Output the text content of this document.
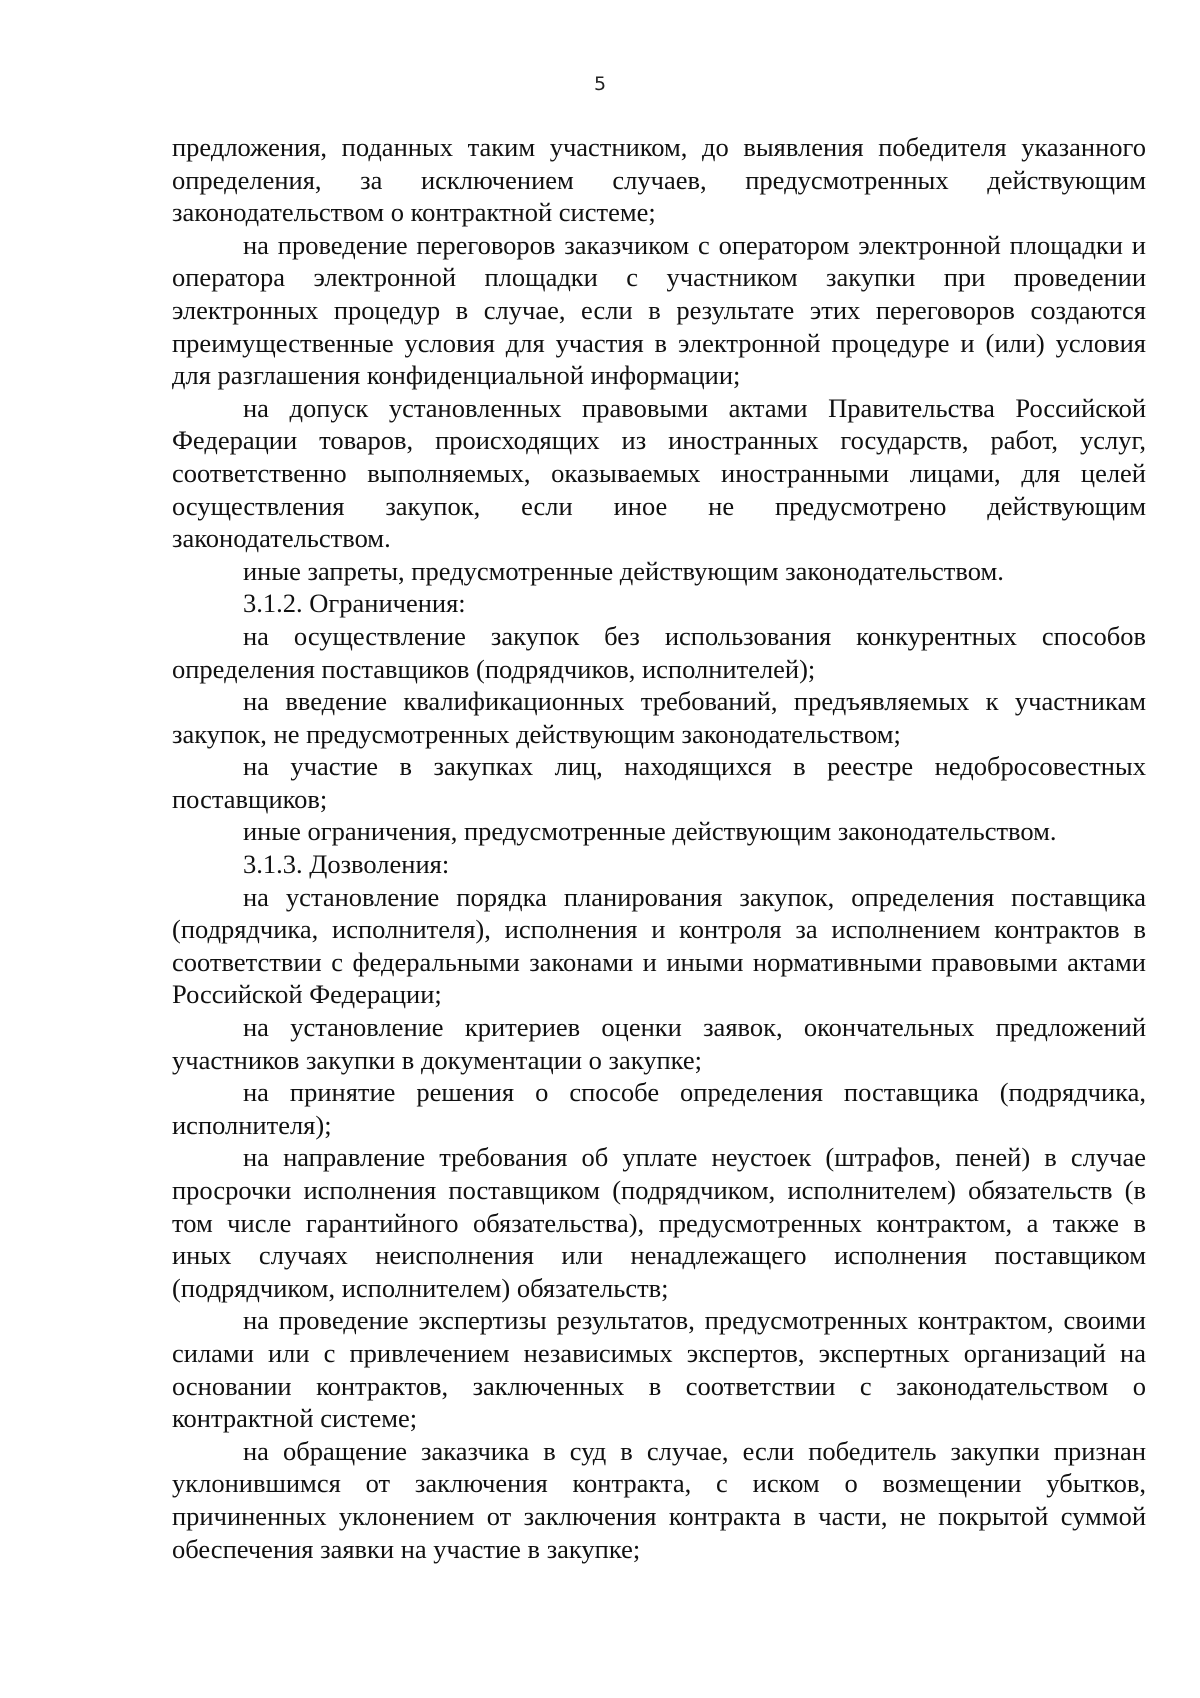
5

предложения, поданных таким участником, до выявления победителя указанного определения, за исключением случаев, предусмотренных действующим законодательством о контрактной системе;

на проведение переговоров заказчиком с оператором электронной площадки и оператора электронной площадки с участником закупки при проведении электронных процедур в случае, если в результате этих переговоров создаются преимущественные условия для участия в электронной процедуре и (или) условия для разглашения конфиденциальной информации;

на допуск установленных правовыми актами Правительства Российской Федерации товаров, происходящих из иностранных государств, работ, услуг, соответственно выполняемых, оказываемых иностранными лицами, для целей осуществления закупок, если иное не предусмотрено действующим законодательством.

иные запреты, предусмотренные действующим законодательством.

3.1.2. Ограничения:

на осуществление закупок без использования конкурентных способов определения поставщиков (подрядчиков, исполнителей);

на введение квалификационных требований, предъявляемых к участникам закупок, не предусмотренных действующим законодательством;

на участие в закупках лиц, находящихся в реестре недобросовестных поставщиков;

иные ограничения, предусмотренные действующим законодательством.

3.1.3. Дозволения:

на установление порядка планирования закупок, определения поставщика (подрядчика, исполнителя), исполнения и контроля за исполнением контрактов в соответствии с федеральными законами и иными нормативными правовыми актами Российской Федерации;

на установление критериев оценки заявок, окончательных предложений участников закупки в документации о закупке;

на принятие решения о способе определения поставщика (подрядчика, исполнителя);

на направление требования об уплате неустоек (штрафов, пеней) в случае просрочки исполнения поставщиком (подрядчиком, исполнителем) обязательств (в том числе гарантийного обязательства), предусмотренных контрактом, а также в иных случаях неисполнения или ненадлежащего исполнения поставщиком (подрядчиком, исполнителем) обязательств;

на проведение экспертизы результатов, предусмотренных контрактом, своими силами или с привлечением независимых экспертов, экспертных организаций на основании контрактов, заключенных в соответствии с законодательством о контрактной системе;

на обращение заказчика в суд в случае, если победитель закупки признан уклонившимся от заключения контракта, с иском о возмещении убытков, причиненных уклонением от заключения контракта в части, не покрытой суммой обеспечения заявки на участие в закупке;
